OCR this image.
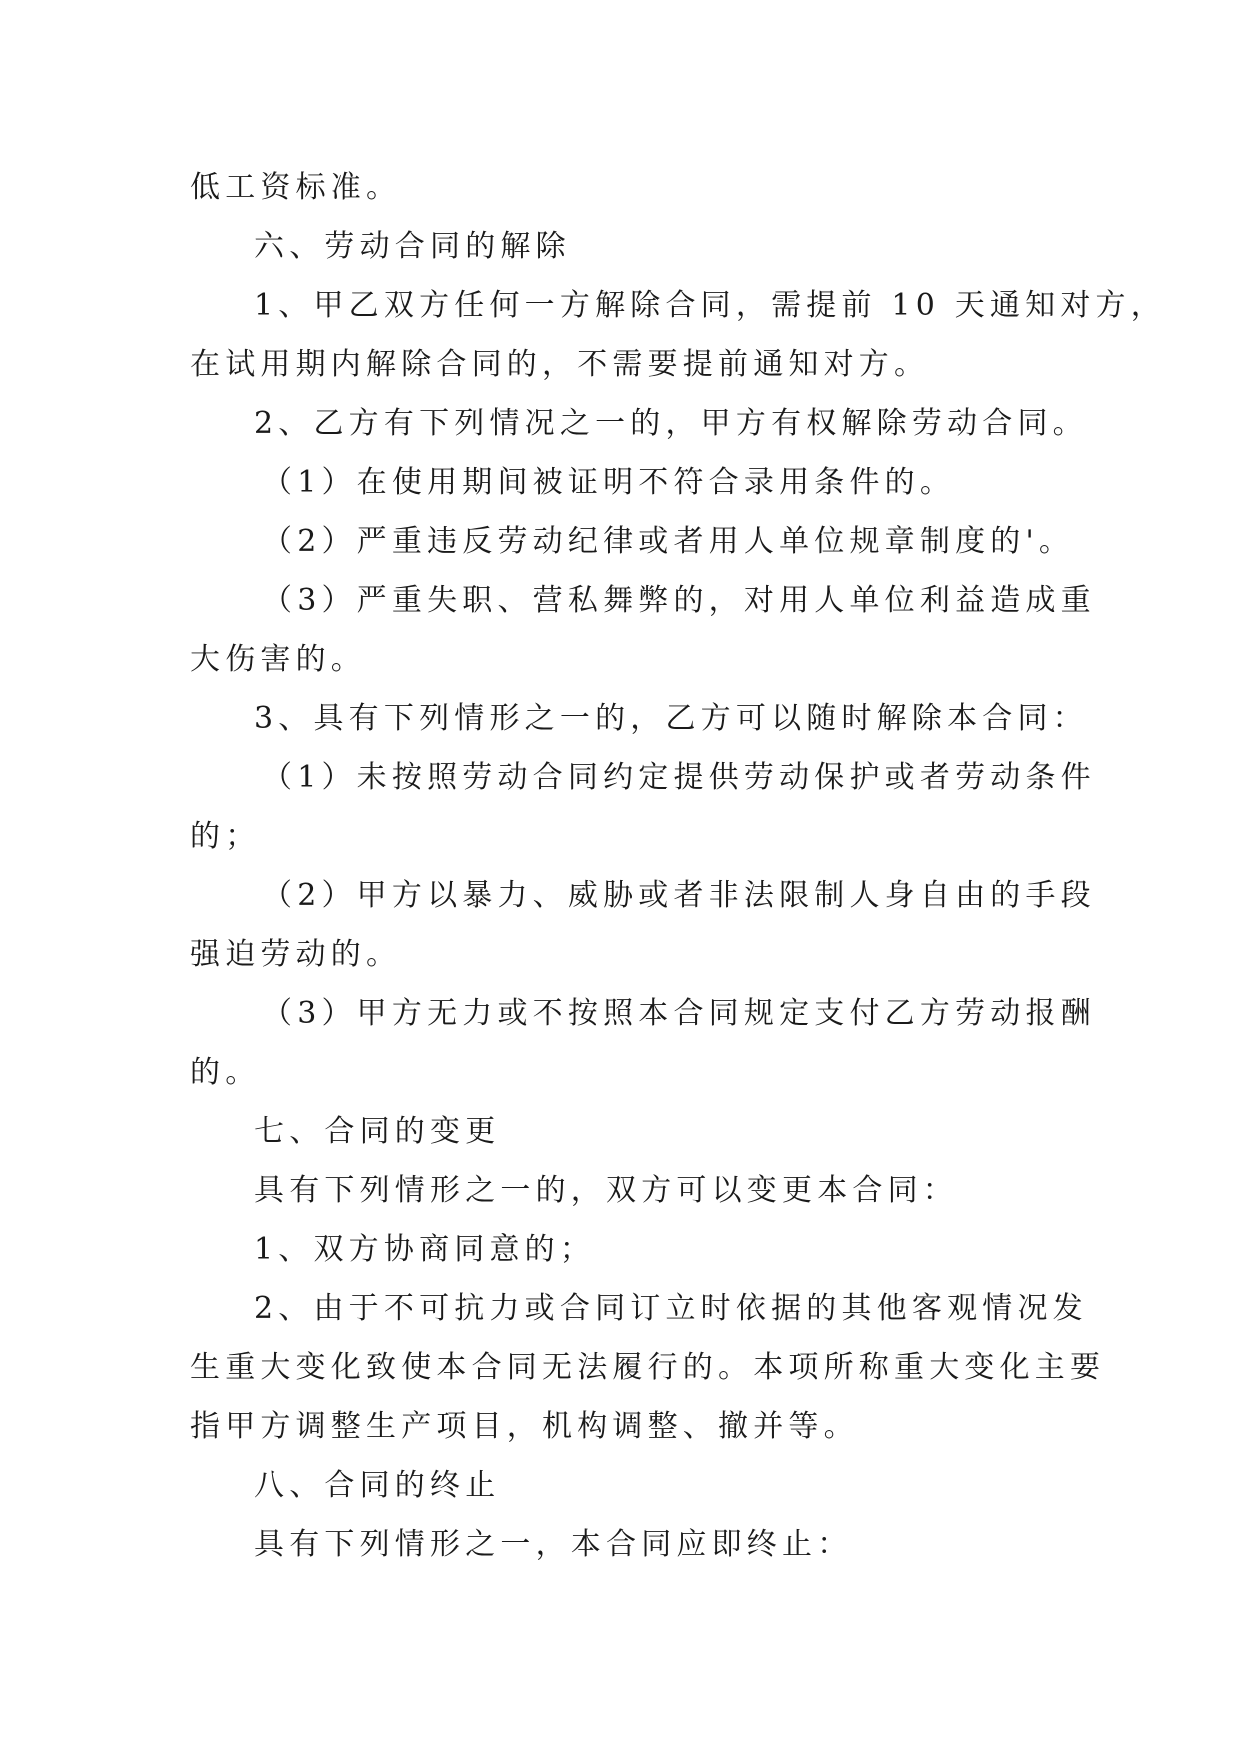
低工资标准。
六、劳动合同的解除
1、甲乙双方任何一方解除合同，需提前 10 天通知对方，
在试用期内解除合同的，不需要提前通知对方。
2、乙方有下列情况之一的，甲方有权解除劳动合同。
（1）在使用期间被证明不符合录用条件的。
（2）严重违反劳动纪律或者用人单位规章制度的'。
（3）严重失职、营私舞弊的，对用人单位利益造成重
大伤害的。
3、具有下列情形之一的，乙方可以随时解除本合同：
（1）未按照劳动合同约定提供劳动保护或者劳动条件
的；
（2）甲方以暴力、威胁或者非法限制人身自由的手段
强迫劳动的。
（3）甲方无力或不按照本合同规定支付乙方劳动报酬
的。
七、合同的变更
具有下列情形之一的，双方可以变更本合同：
1、双方协商同意的；
2、由于不可抗力或合同订立时依据的其他客观情况发
生重大变化致使本合同无法履行的。本项所称重大变化主要
指甲方调整生产项目，机构调整、撤并等。
八、合同的终止
具有下列情形之一，本合同应即终止：
